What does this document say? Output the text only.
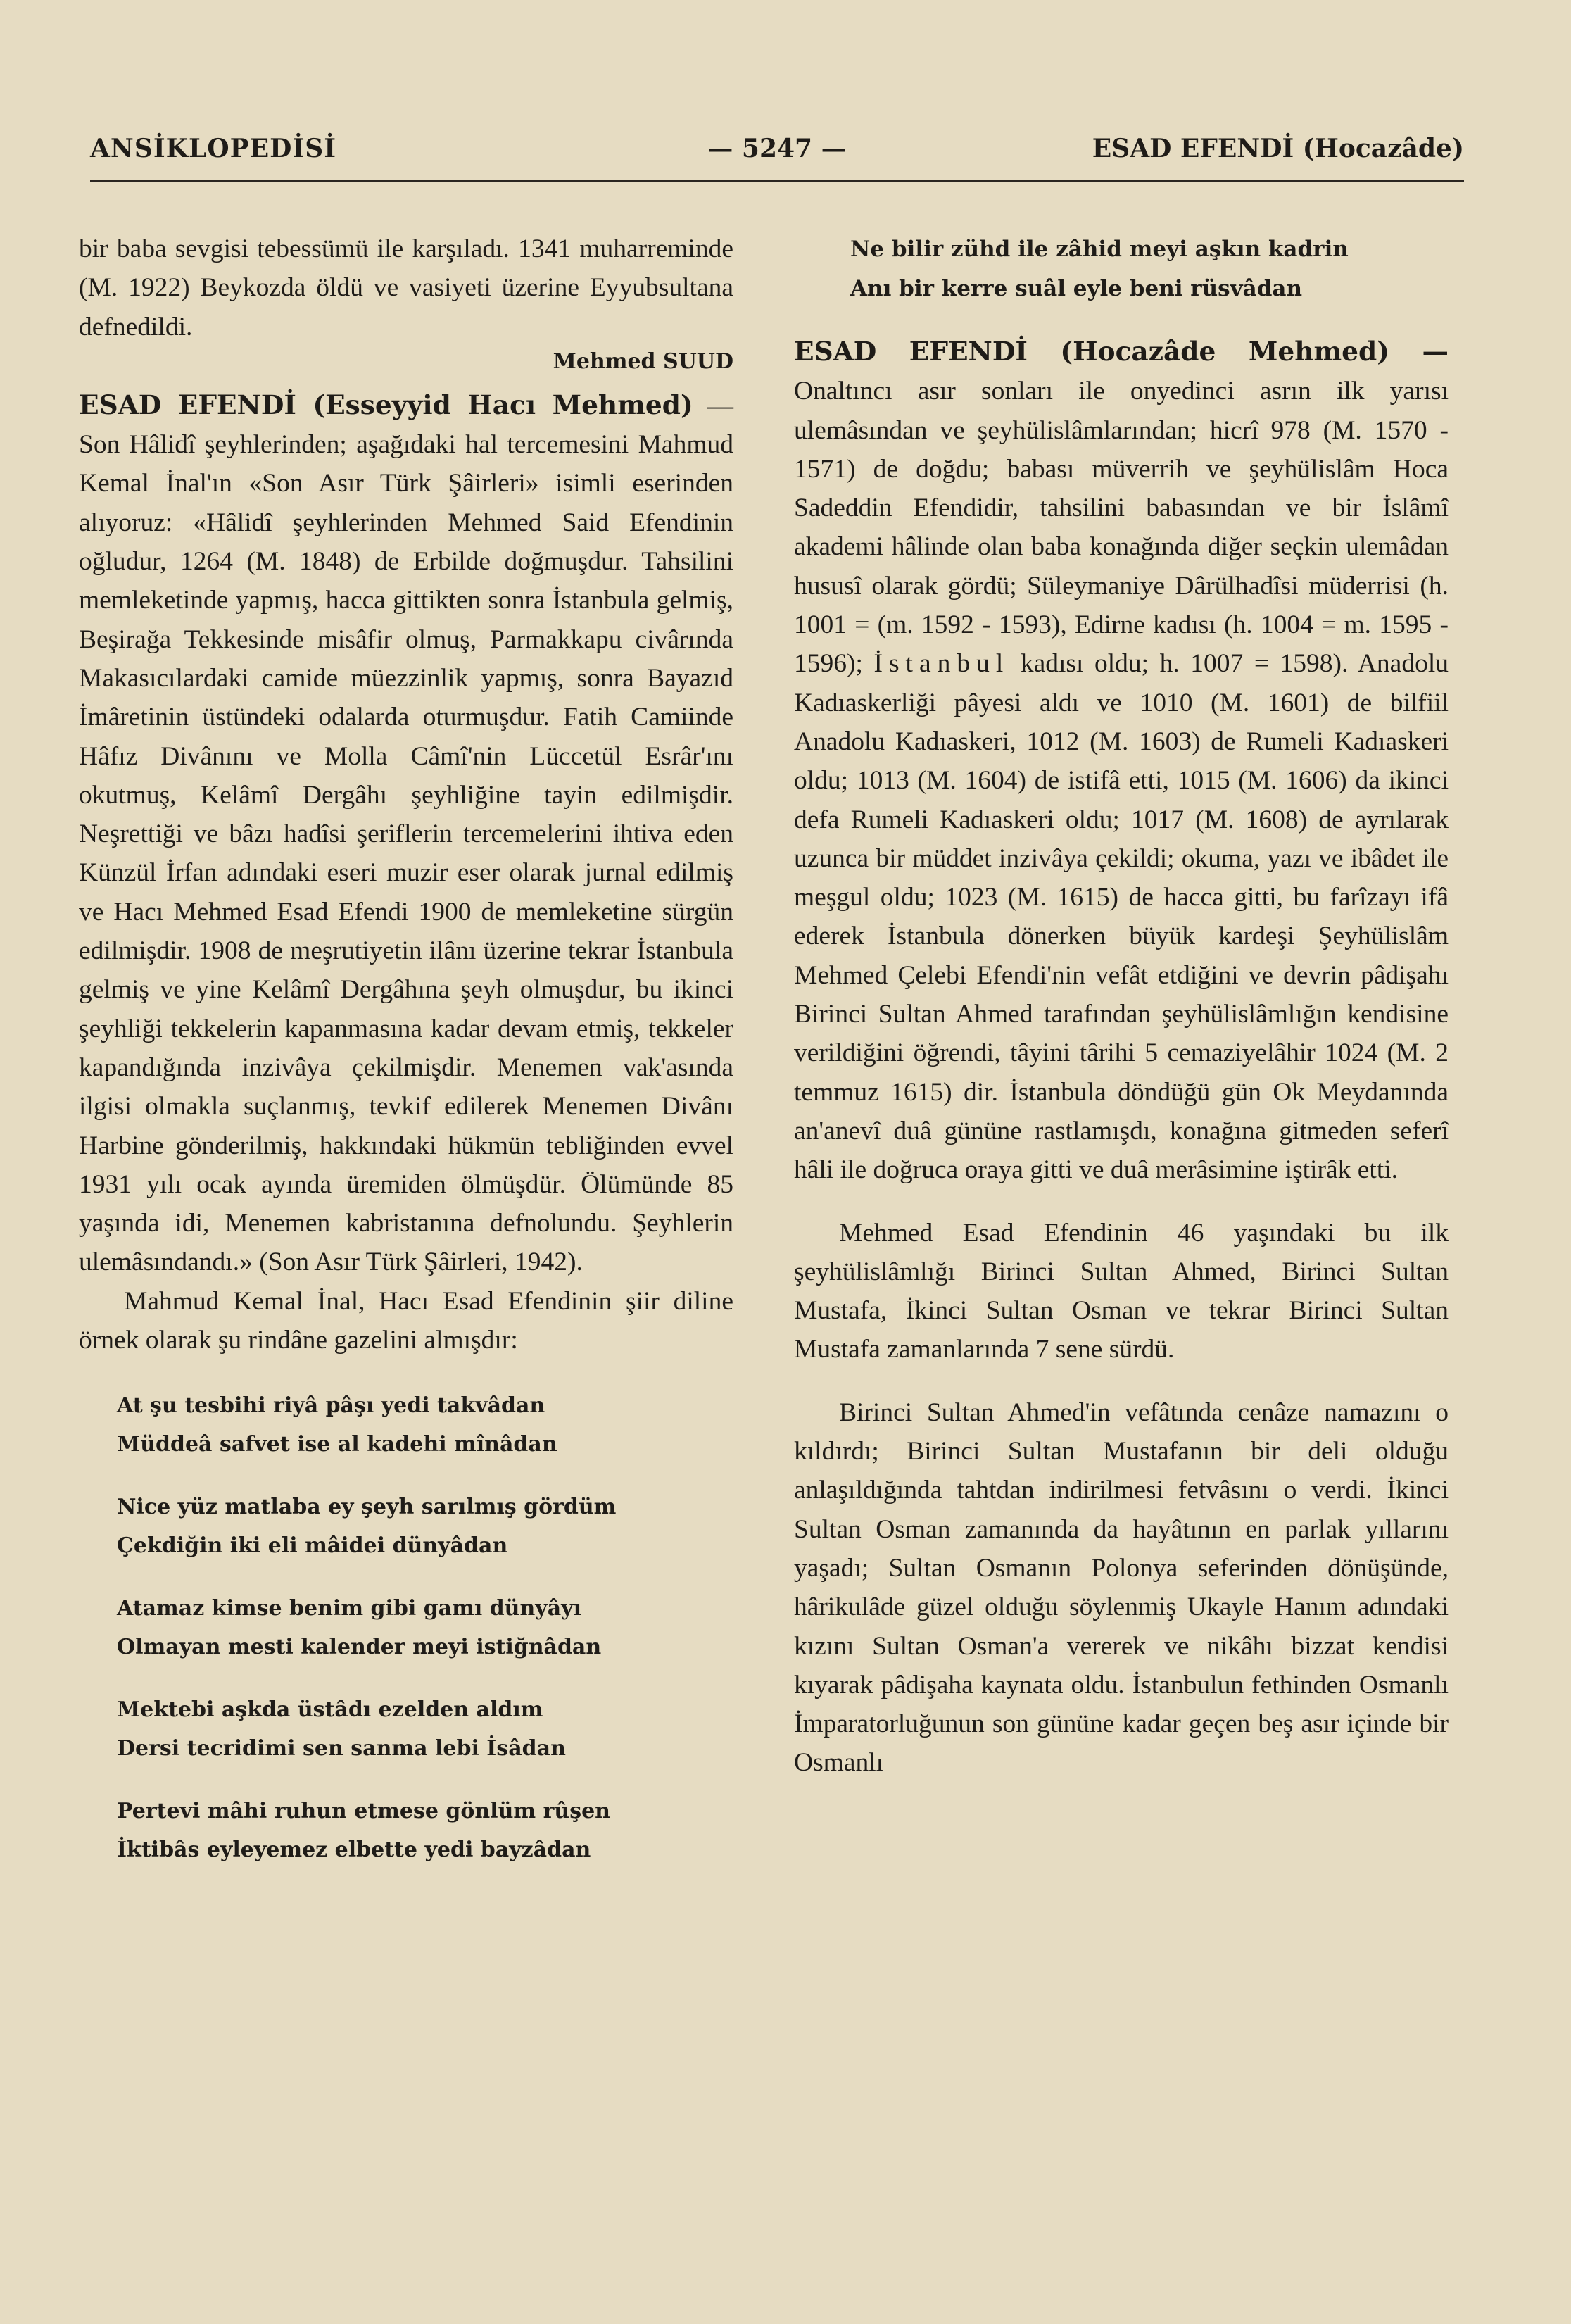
ANSİKLOPEDİSİ	— 5247 —	ESAD EFENDİ (Hocazâde)

bir baba sevgisi tebessümü ile karşıladı. 1341 muharreminde (M. 1922) Beykozda öldü ve vasiyeti üzerine Eyyubsultana defnedildi.

Mehmed SUUD

ESAD EFENDİ (Esseyyid Hacı Mehmed) — Son Hâlidî şeyhlerinden; aşağıdaki hal tercemesini Mahmud Kemal İnal'ın «Son Asır Türk Şâirleri» isimli eserinden alıyoruz: «Hâlidî şeyhlerinden Mehmed Said Efendinin oğludur, 1264 (M. 1848) de Erbilde doğmuşdur. Tahsilini memleketinde yapmış, hacca gittikten sonra İstanbula gelmiş, Beşirağa Tekkesinde misâfir olmuş, Parmakkapu civârında Makasıcılardaki camide müezzinlik yapmış, sonra Bayazıd İmâretinin üstündeki odalarda oturmuşdur. Fatih Camiinde Hâfız Divânını ve Molla Câmî'nin Lüccetül Esrâr'ını okutmuş, Kelâmî Dergâhı şeyhliğine tayin edilmişdir. Neşrettiği ve bâzı hadîsi şeriflerin tercemelerini ihtiva eden Künzül İrfan adındaki eseri muzir eser olarak jurnal edilmiş ve Hacı Mehmed Esad Efendi 1900 de memleketine sürgün edilmişdir. 1908 de meşrutiyetin ilânı üzerine tekrar İstanbula gelmiş ve yine Kelâmî Dergâhına şeyh olmuşdur, bu ikinci şeyhliği tekkelerin kapanmasına kadar devam etmiş, tekkeler kapandığında inzivâya çekilmişdir. Menemen vak'asında ilgisi olmakla suçlanmış, tevkif edilerek Menemen Divânı Harbine gönderilmiş, hakkındaki hükmün tebliğinden evvel 1931 yılı ocak ayında üremiden ölmüşdür. Ölümünde 85 yaşında idi, Menemen kabristanına defnolundu. Şeyhlerin ulemâsındandı.» (Son Asır Türk Şâirleri, 1942).

Mahmud Kemal İnal, Hacı Esad Efendinin şiir diline örnek olarak şu rindâne gazelini almışdır:

At şu tesbihi riyâ pâşı yedi takvâdan
Müddeâ safvet ise al kadehi mînâdan
Nice yüz matlaba ey şeyh sarılmış gördüm
Çekdiğin iki eli mâidei dünyâdan
Atamaz kimse benim gibi gamı dünyâyı
Olmayan mesti kalender meyi istiğnâdan
Mektebi aşkda üstâdı ezelden aldım
Dersi tecridimi sen sanma lebi İsâdan
Pertevi mâhi ruhun etmese gönlüm rûşen
İktibâs eyleyemez elbette yedi bayzâdan
Ne bilir zühd ile zâhid meyi aşkın kadrin
Anı bir kerre suâl eyle beni rüsvâdan

ESAD EFENDİ (Hocazâde Mehmed) — Onaltıncı asır sonları ile onyedinci asrın ilk yarısı ulemâsından ve şeyhülislâmlarından; hicrî 978 (M. 1570 - 1571) de doğdu; babası müverrih ve şeyhülislâm Hoca Sadeddin Efendidir, tahsilini babasından ve bir İslâmî akademi hâlinde olan baba konağında diğer seçkin ulemâdan hususî olarak gördü; Süleymaniye Dârülhadîsi müderrisi (h. 1001 = (m. 1592 - 1593), Edirne kadısı (h. 1004 = m. 1595 - 1596); İstanbul kadısı oldu; h. 1007 = 1598). Anadolu Kadıaskerliği pâyesi aldı ve 1010 (M. 1601) de bilfiil Anadolu Kadıaskeri, 1012 (M. 1603) de Rumeli Kadıaskeri oldu; 1013 (M. 1604) de istifâ etti, 1015 (M. 1606) da ikinci defa Rumeli Kadıaskeri oldu; 1017 (M. 1608) de ayrılarak uzunca bir müddet inzivâya çekildi; okuma, yazı ve ibâdet ile meşgul oldu; 1023 (M. 1615) de hacca gitti, bu farîzayı ifâ ederek İstanbula dönerken büyük kardeşi Şeyhülislâm Mehmed Çelebi Efendi'nin vefât etdiğini ve devrin pâdişahı Birinci Sultan Ahmed tarafından şeyhülislâmlığın kendisine verildiğini öğrendi, tâyini târihi 5 cemaziyelâhir 1024 (M. 2 temmuz 1615) dir. İstanbula döndüğü gün Ok Meydanında an'anevî duâ gününe rastlamışdı, konağına gitmeden seferî hâli ile doğruca oraya gitti ve duâ merâsimine iştirâk etti.

Mehmed Esad Efendinin 46 yaşındaki bu ilk şeyhülislâmlığı Birinci Sultan Ahmed, Birinci Sultan Mustafa, İkinci Sultan Osman ve tekrar Birinci Sultan Mustafa zamanlarında 7 sene sürdü.

Birinci Sultan Ahmed'in vefâtında cenâze namazını o kıldırdı; Birinci Sultan Mustafanın bir deli olduğu anlaşıldığında tahtdan indirilmesi fetvâsını o verdi. İkinci Sultan Osman zamanında da hayâtının en parlak yıllarını yaşadı; Sultan Osmanın Polonya seferinden dönüşünde, hârikulâde güzel olduğu söylenmiş Ukayle Hanım adındaki kızını Sultan Osman'a vererek ve nikâhı bizzat kendisi kıyarak pâdişaha kaynata oldu. İstanbulun fethinden Osmanlı İmparatorluğunun son gününe kadar geçen beş asır içinde bir Osmanlı
